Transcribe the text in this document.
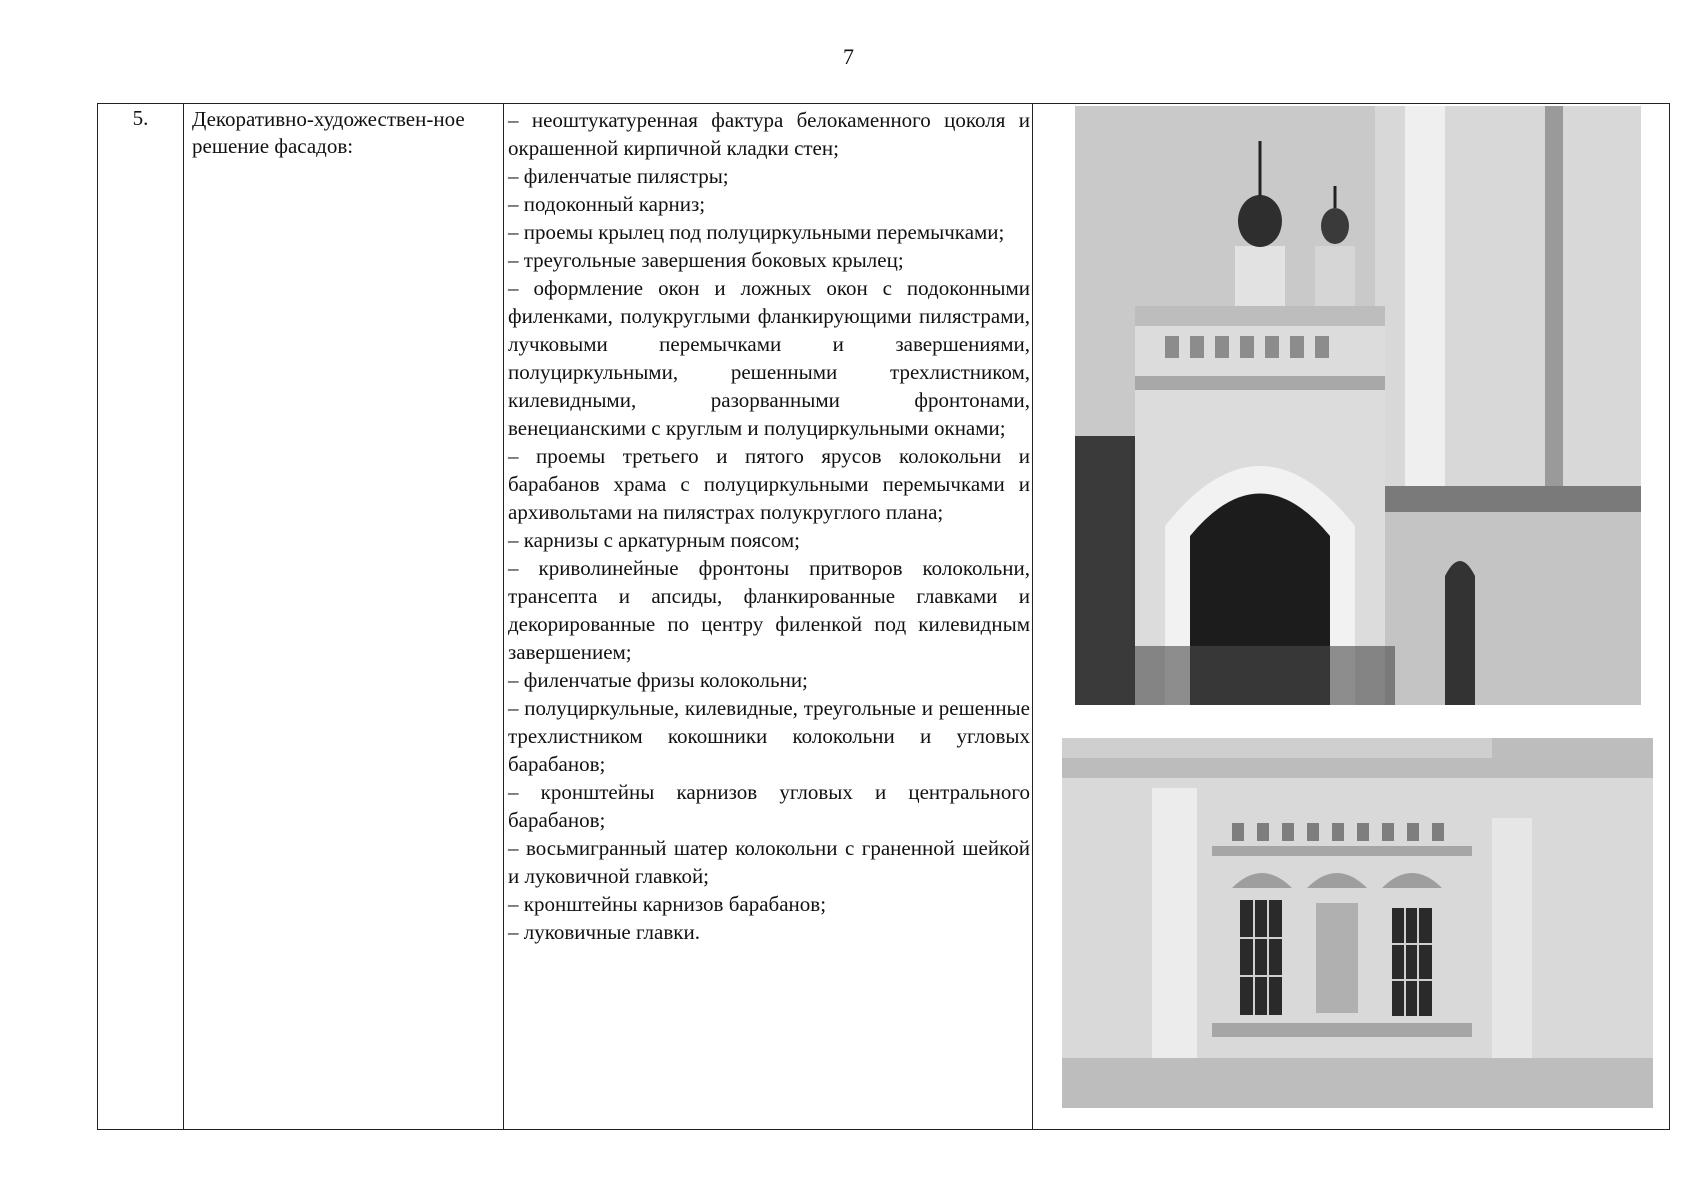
7
5.	Декоративно-художествен-ное решение фасадов:	

– неоштукатуренная фактура белокаменного цоколя и окрашенной кирпичной кладки стен;

– филенчатые пилястры;

– подоконный карниз;

– проемы крылец под полуциркульными перемычками;

– треугольные завершения боковых крылец;

– оформление окон и ложных окон с подоконными филенками, полукруглыми фланкирующими пилястрами, лучковыми перемычками и завершениями, полуциркульными, решенными трехлистником, килевидными, разорванными фронтонами, венецианскими с круглым и полуциркульными окнами;

– проемы третьего и пятого ярусов колокольни и барабанов храма с полуциркульными перемычками и архивольтами на пилястрах полукруглого плана;

– карнизы с аркатурным поясом;

– криволинейные фронтоны притворов колокольни, трансепта и апсиды, фланкированные главками и декорированные по центру филенкой под килевидным завершением;

– филенчатые фризы колокольни;

– полуциркульные, килевидные, треугольные и решенные трехлистником кокошники колокольни и угловых барабанов;

– кронштейны карнизов угловых и центрального барабанов;

– восьмигранный шатер колокольни с граненной шейкой и луковичной главкой;

– кронштейны карнизов барабанов;

– луковичные главки.
